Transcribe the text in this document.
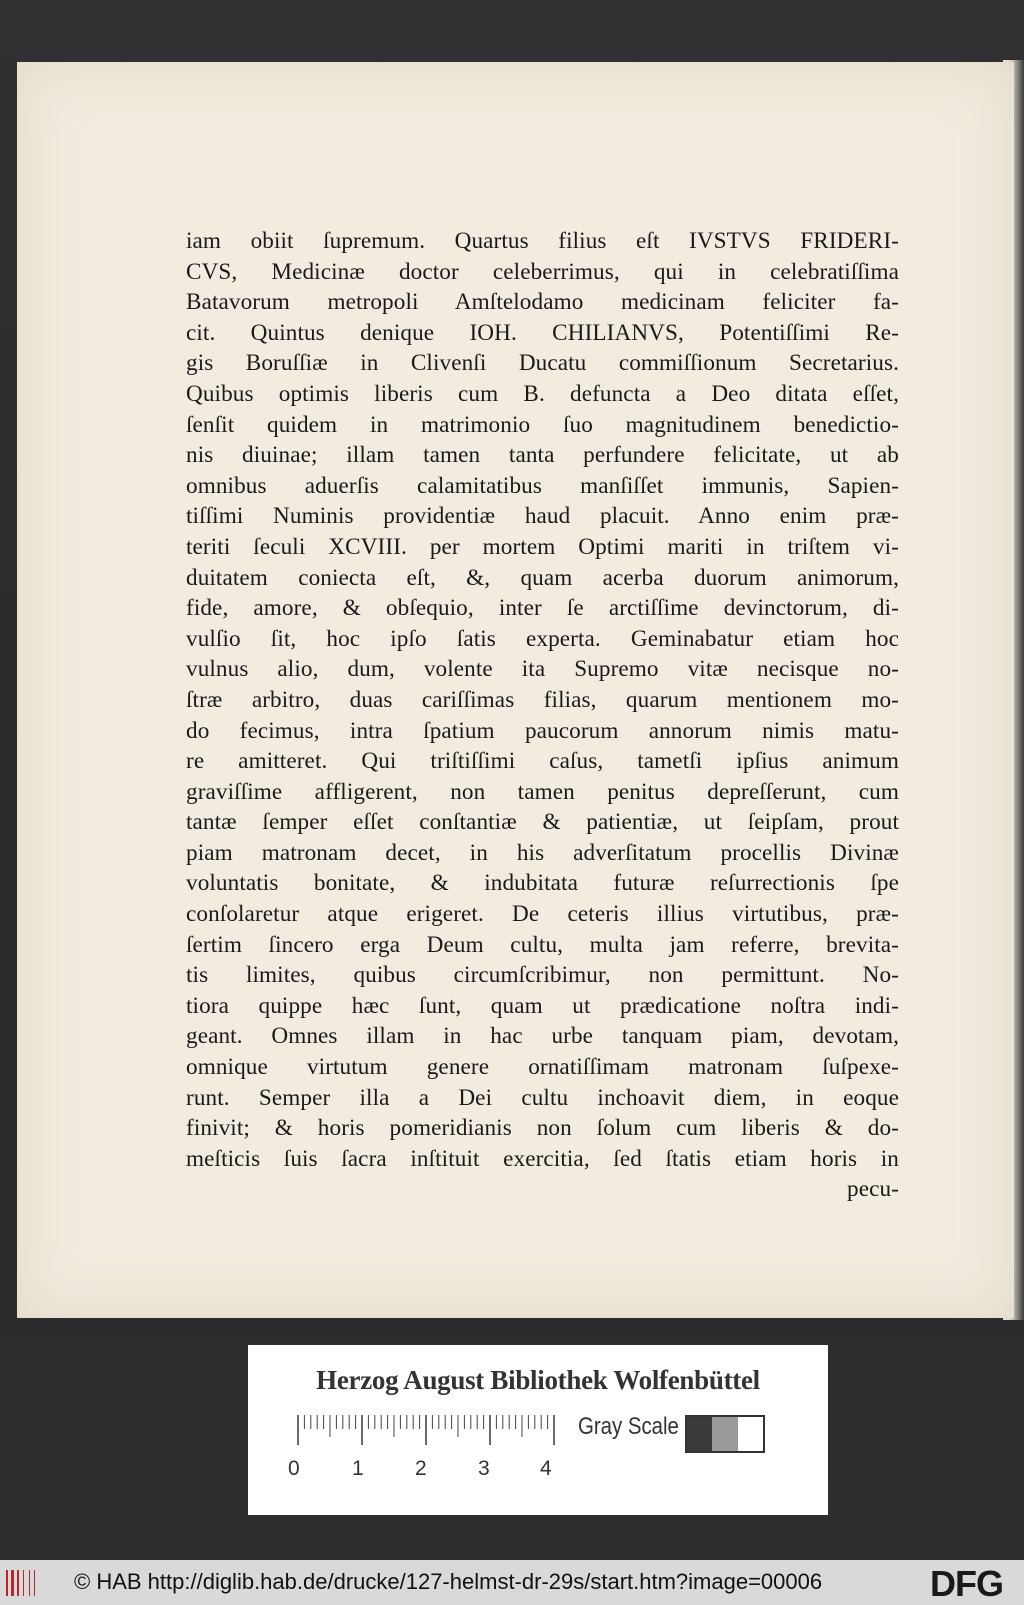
iam obiit ſupremum. Quartus filius eſt IVSTVS FRIDERI-
CVS, Medicinæ doctor celeberrimus, qui in celebratiſſima
Batavorum metropoli Amſtelodamo medicinam feliciter fa-
cit. Quintus denique IOH. CHILIANVS, Potentiſſimi Re-
gis Boruſſiæ in Clivenſi Ducatu commiſſionum Secretarius.
Quibus optimis liberis cum B. defuncta a Deo ditata eſſet,
ſenſit quidem in matrimonio ſuo magnitudinem benedictio-
nis diuinae; illam tamen tanta perfundere felicitate, ut ab
omnibus aduerſis calamitatibus manſiſſet immunis, Sapien-
tiſſimi Numinis providentiæ haud placuit. Anno enim præ-
teriti ſeculi XCVIII. per mortem Optimi mariti in triſtem vi-
duitatem coniecta eſt, &, quam acerba duorum animorum,
fide, amore, & obſequio, inter ſe arctiſſime devinctorum, di-
vulſio ſit, hoc ipſo ſatis experta. Geminabatur etiam hoc
vulnus alio, dum, volente ita Supremo vitæ necisque no-
ſtræ arbitro, duas cariſſimas filias, quarum mentionem mo-
do fecimus, intra ſpatium paucorum annorum nimis matu-
re amitteret. Qui triſtiſſimi caſus, tametſi ipſius animum
graviſſime affligerent, non tamen penitus depreſſerunt, cum
tantæ ſemper eſſet conſtantiæ & patientiæ, ut ſeipſam, prout
piam matronam decet, in his adverſitatum procellis Divinæ
voluntatis bonitate, & indubitata futuræ reſurrectionis ſpe
conſolaretur atque erigeret. De ceteris illius virtutibus, præ-
ſertim ſincero erga Deum cultu, multa jam referre, brevita-
tis limites, quibus circumſcribimur, non permittunt. No-
tiora quippe hæc ſunt, quam ut prædicatione noſtra indi-
geant. Omnes illam in hac urbe tanquam piam, devotam,
omnique virtutum genere ornatiſſimam matronam ſuſpexe-
runt. Semper illa a Dei cultu inchoavit diem, in eoque
finivit; & horis pomeridianis non ſolum cum liberis & do-
meſticis ſuis ſacra inſtituit exercitia, ſed ſtatis etiam horis in
pecu-
Herzog August Bibliothek Wolfenbüttel
0 1 2 3 4
Gray Scale
© HAB http://diglib.hab.de/drucke/127-helmst-dr-29s/start.htm?image=00006	DFG
